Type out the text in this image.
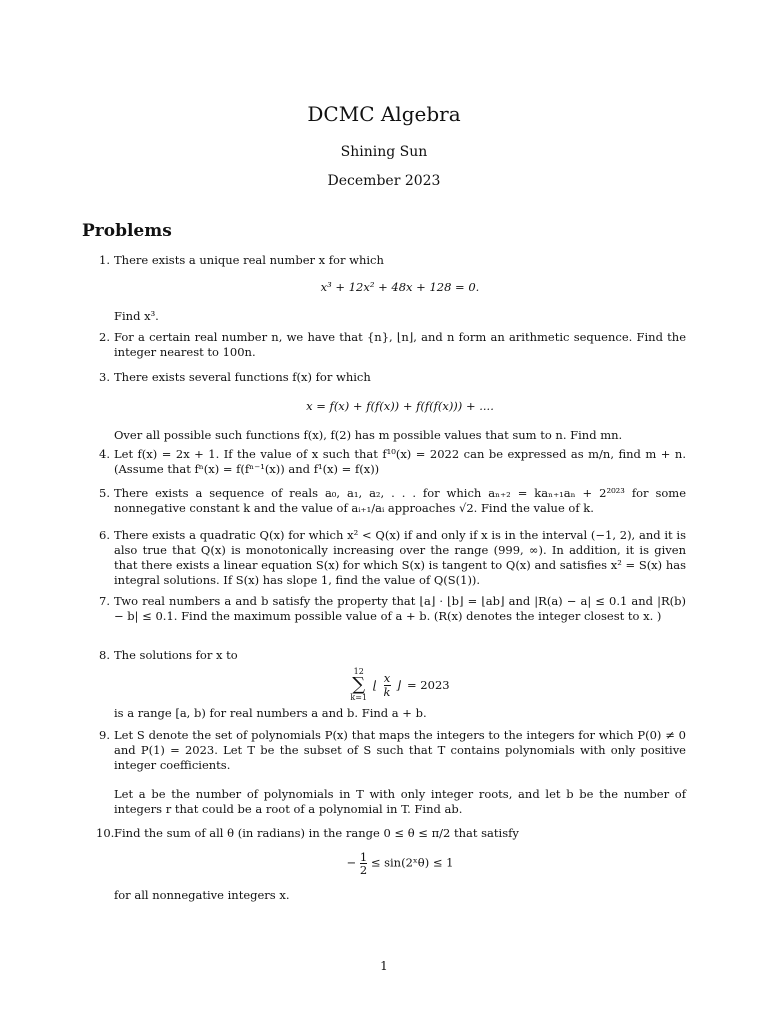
DCMC Algebra
Shining Sun
December 2023
Problems
1. There exists a unique real number x for which
x³ + 12x² + 48x + 128 = 0.
Find x³.
2. For a certain real number n, we have that {n}, ⌊n⌋, and n form an arithmetic sequence. Find the integer nearest to 100n.
3. There exists several functions f(x) for which
x = f(x) + f(f(x)) + f(f(f(x))) + ....
Over all possible such functions f(x), f(2) has m possible values that sum to n. Find mn.
4. Let f(x) = 2x + 1. If the value of x such that f¹⁰(x) = 2022 can be expressed as m/n, find m + n. (Assume that fⁿ(x) = f(fⁿ⁻¹(x)) and f¹(x) = f(x))
5. There exists a sequence of reals a₀, a₁, a₂, . . . for which aₙ₊₂ = kaₙ₊₁aₙ + 2²⁰²³ for some nonnegative constant k and the value of aᵢ₊₁/aᵢ approaches √2. Find the value of k.
6. There exists a quadratic Q(x) for which x² < Q(x) if and only if x is in the interval (−1, 2), and it is also true that Q(x) is monotonically increasing over the range (999, ∞). In addition, it is given that there exists a linear equation S(x) for which S(x) is tangent to Q(x) and satisfies x² = S(x) has integral solutions. If S(x) has slope 1, find the value of Q(S(1)).
7. Two real numbers a and b satisfy the property that ⌊a⌋ · ⌊b⌋ = ⌊ab⌋ and |R(a) − a| ≤ 0.1 and |R(b) − b| ≤ 0.1. Find the maximum possible value of a + b. (R(x) denotes the integer closest to x. )
8. The solutions for x to
12
∑
k=1
⌊ $\frac{x}{k}$ ⌋ = 2023
is a range [a, b) for real numbers a and b. Find a + b.
9. Let S denote the set of polynomials P(x) that maps the integers to the integers for which P(0) ≠ 0 and P(1) = 2023. Let T be the subset of S such that T contains polynomials with only positive integer coefficients.
Let a be the number of polynomials in T with only integer roots, and let b be the number of integers r that could be a root of a polynomial in T. Find ab.
10. Find the sum of all θ (in radians) in the range 0 ≤ θ ≤ π/2 that satisfy
− $\frac{1}{2}$ ≤ sin(2ˣθ) ≤ 1
for all nonnegative integers x.
1
